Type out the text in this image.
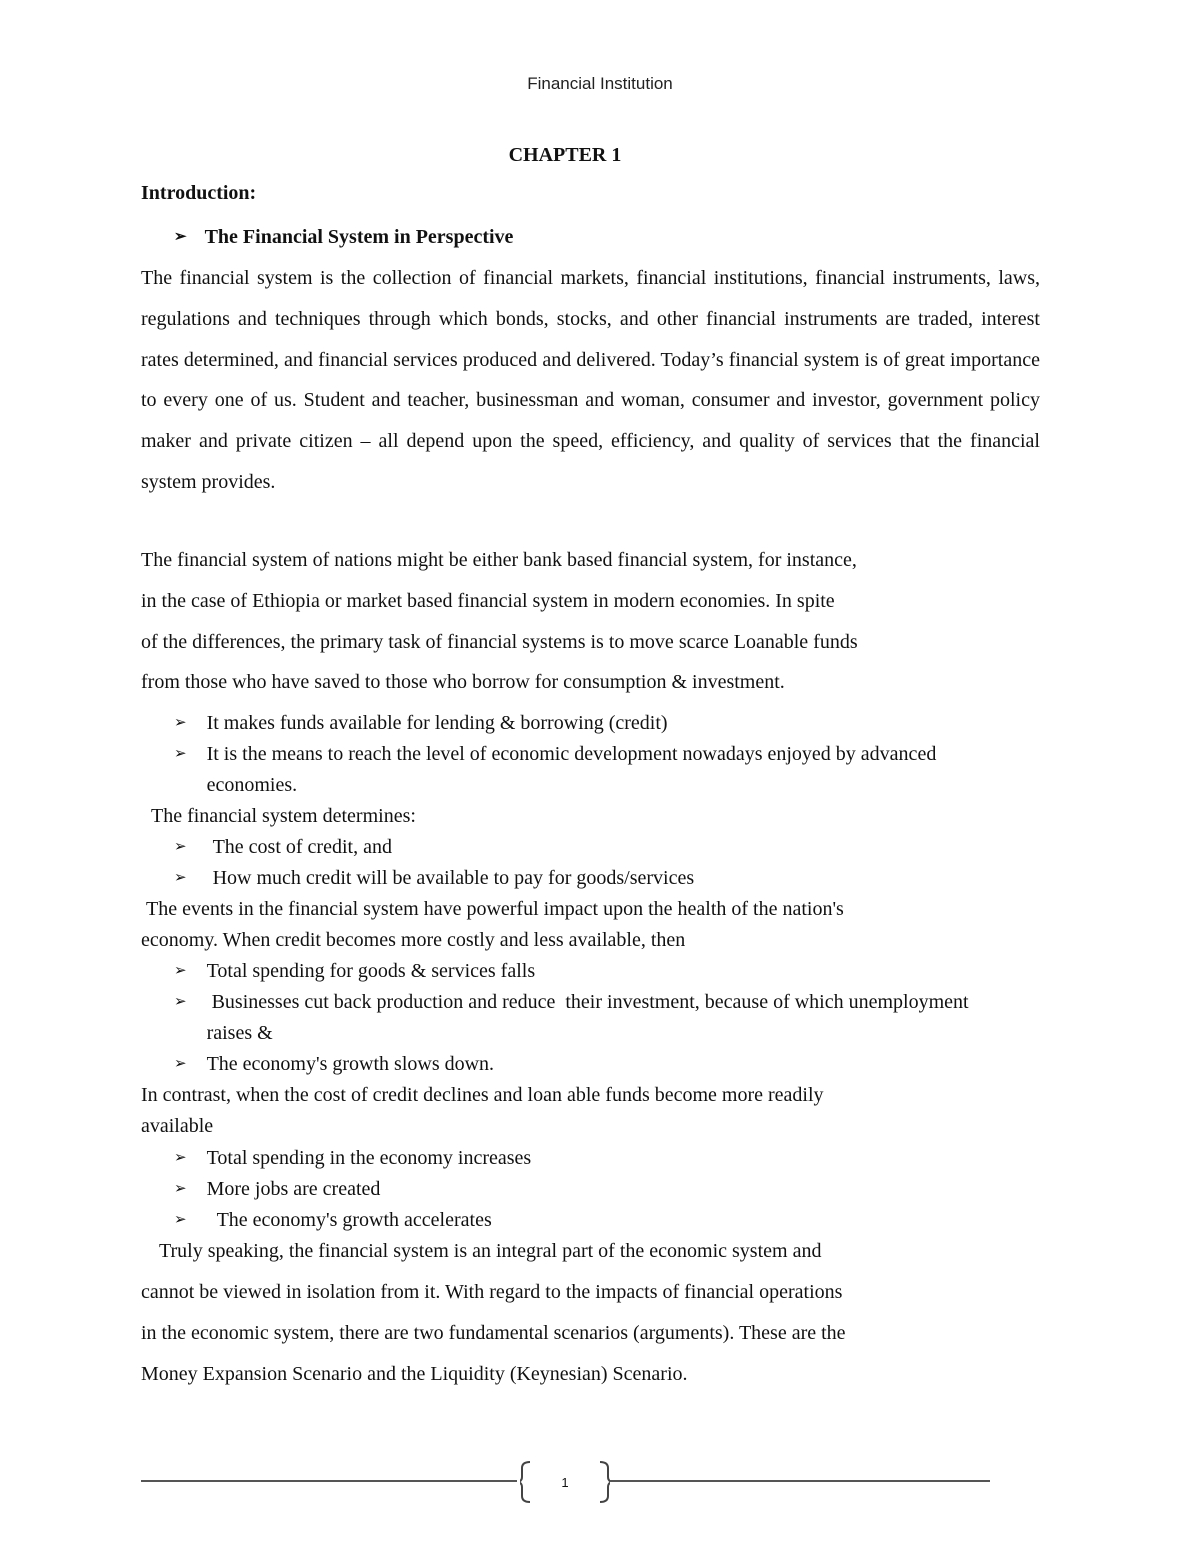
Financial Institution
CHAPTER 1
Introduction:
➢ The Financial System in Perspective

The financial system is the collection of financial markets, financial institutions, financial instruments, laws, regulations and techniques through which bonds, stocks, and other financial instruments are traded, interest rates determined, and financial services produced and delivered. Today’s financial system is of great importance to every one of us. Student and teacher, businessman and woman, consumer and investor, government policy maker and private citizen – all depend upon the speed, efficiency, and quality of services that the financial system provides.

The financial system of nations might be either bank based financial system, for instance,

in the case of Ethiopia or market based financial system in modern economies. In spite

of the differences, the primary task of financial systems is to move scarce Loanable funds

from those who have saved to those who borrow for consumption & investment.

➢ It makes funds available for lending & borrowing (credit)
➢ It is the means to reach the level of economic development nowadays enjoyed by advanced economies.

The financial system determines:

➢	The cost of credit, and
➢	How much credit will be available to pay for goods/services

The events in the financial system have powerful impact upon the health of the nation's

economy. When credit becomes more costly and less available, then

➢ Total spending for goods & services falls
➢ Businesses cut back production and reduce  their investment, because of which unemployment raises &
➢ The economy's growth slows down.

In contrast, when the cost of credit declines and loan able funds become more readily

available

➢ Total spending in the economy increases
➢ More jobs are created
➢ The economy's growth accelerates

Truly speaking, the financial system is an integral part of the economic system and

cannot be viewed in isolation from it. With regard to the impacts of financial operations

in the economic system, there are two fundamental scenarios (arguments). These are the

Money Expansion Scenario and the Liquidity (Keynesian) Scenario.

1
